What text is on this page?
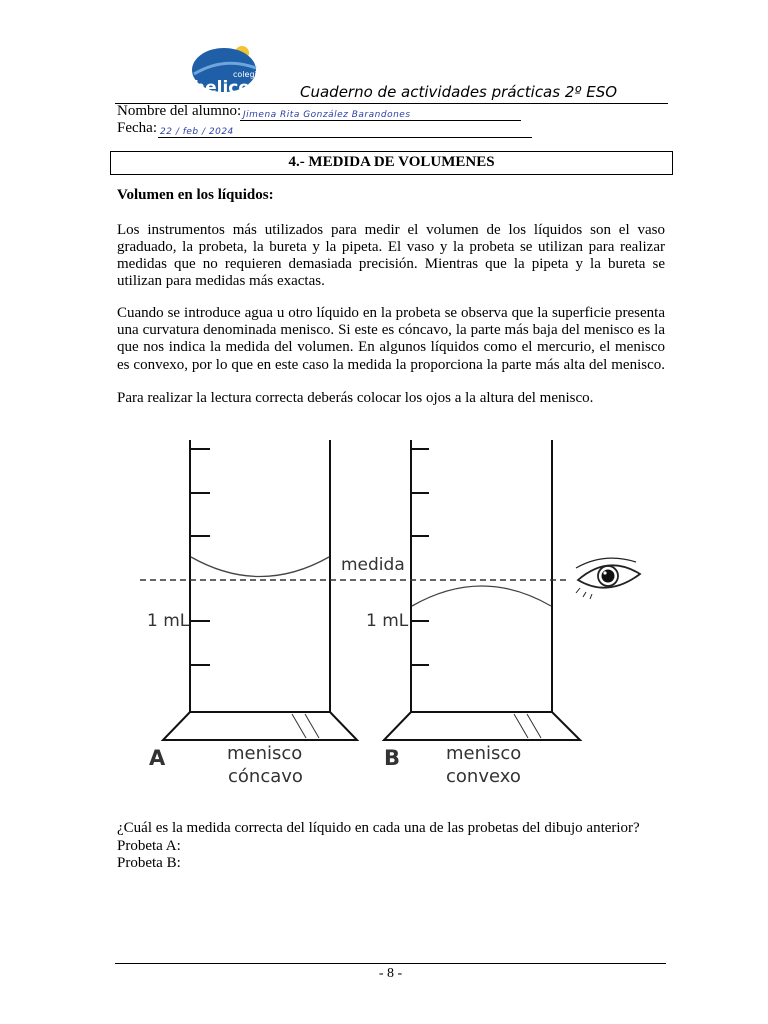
colegio
helicon	Cuaderno de actividades prácticas 2º ESO
Nombre del alumno: Jimena Rita González Barandones
Fecha: 22 / feb / 2024
4.- MEDIDA DE VOLUMENES
Volumen en los líquidos:
Los instrumentos más utilizados para medir el volumen de los líquidos son el vaso
graduado, la probeta, la bureta y la pipeta. El vaso y la probeta se utilizan para realizar
medidas que no requieren demasiada precisión. Mientras que la pipeta y la bureta se
utilizan para medidas más exactas.
Cuando se introduce agua u otro líquido en la probeta se observa que la superficie presenta
una curvatura denominada menisco. Si este es cóncavo, la parte más baja del menisco es la
que nos indica la medida del volumen. En algunos líquidos como el mercurio, el menisco
es convexo, por lo que en este caso la medida la proporciona la parte más alta del menisco.
Para realizar la lectura correcta deberás colocar los ojos a la altura del menisco.
1 mL
A	menisco
cóncavo
1 mL
B	menisco
convexo
medida
¿Cuál es la medida correcta del líquido en cada una de las probetas del dibujo anterior?
Probeta A:
Probeta B:
- 8 -
